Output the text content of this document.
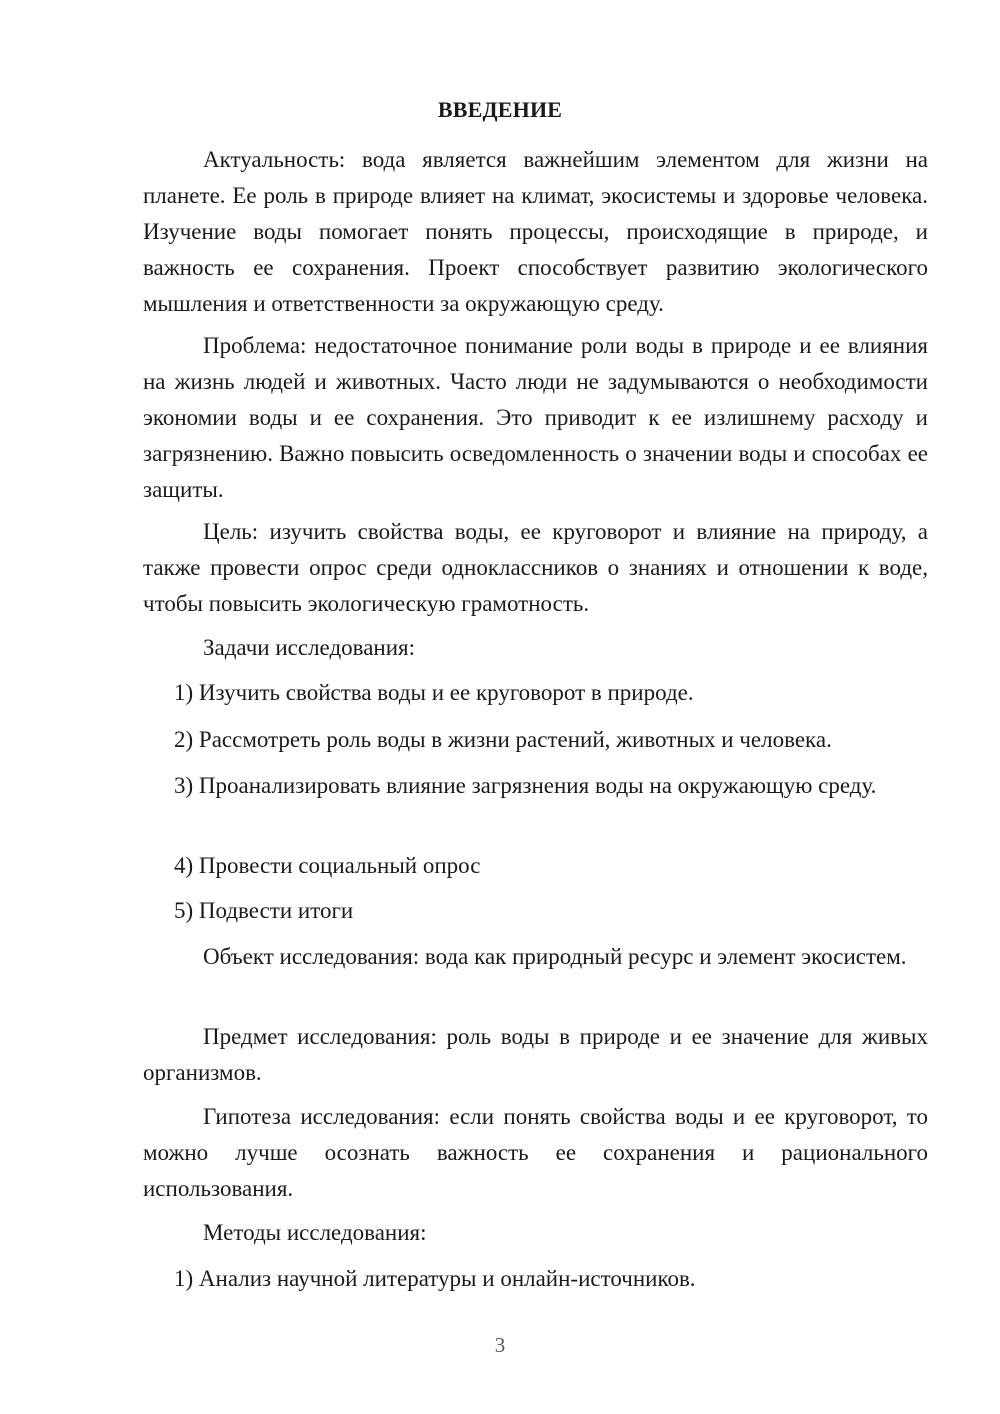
ВВЕДЕНИЕ

Актуальность: вода является важнейшим элементом для жизни на планете. Ее роль в природе влияет на климат, экосистемы и здоровье человека. Изучение воды помогает понять процессы, происходящие в природе, и важность ее сохранения. Проект способствует развитию экологического мышления и ответственности за окружающую среду.

Проблема: недостаточное понимание роли воды в природе и ее влияния на жизнь людей и животных. Часто люди не задумываются о необходимости экономии воды и ее сохранения. Это приводит к ее излишнему расходу и загрязнению. Важно повысить осведомленность о значении воды и способах ее защиты.

Цель: изучить свойства воды, ее круговорот и влияние на природу, а также провести опрос среди одноклассников о знаниях и отношении к воде, чтобы повысить экологическую грамотность.

Задачи исследования:

1) Изучить свойства воды и ее круговорот в природе.

2) Рассмотреть роль воды в жизни растений, животных и человека.

3) Проанализировать влияние загрязнения воды на окружающую среду.

4) Провести социальный опрос

5) Подвести итоги

Объект исследования: вода как природный ресурс и элемент экосистем.

Предмет исследования: роль воды в природе и ее значение для живых организмов.

Гипотеза исследования: если понять свойства воды и ее круговорот, то можно лучше осознать важность ее сохранения и рационального использования.

Методы исследования:

1) Анализ научной литературы и онлайн-источников.

3
